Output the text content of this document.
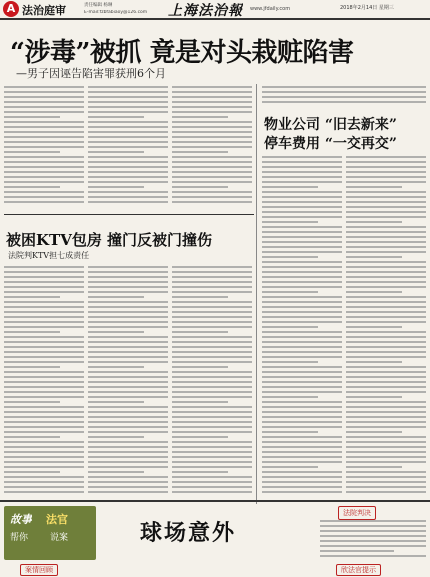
A 法治庭审	责任编辑 杨琳
E-mail:fzbfabiaoy@126.com 上海法治報 www.jfdaily.com	2018年2月14日 星期三
“涉毒”被抓 竟是对头栽赃陷害
—男子因诬告陷害罪获刑6个月
物业公司 “旧去新来”
停车费用 “一交再交”
被困KTV包房 撞门反被门撞伤
法院判KTV担七成责任
故事 法官
帮你 说案	球场意外
法院判决
案情回顾	欣法官提示
